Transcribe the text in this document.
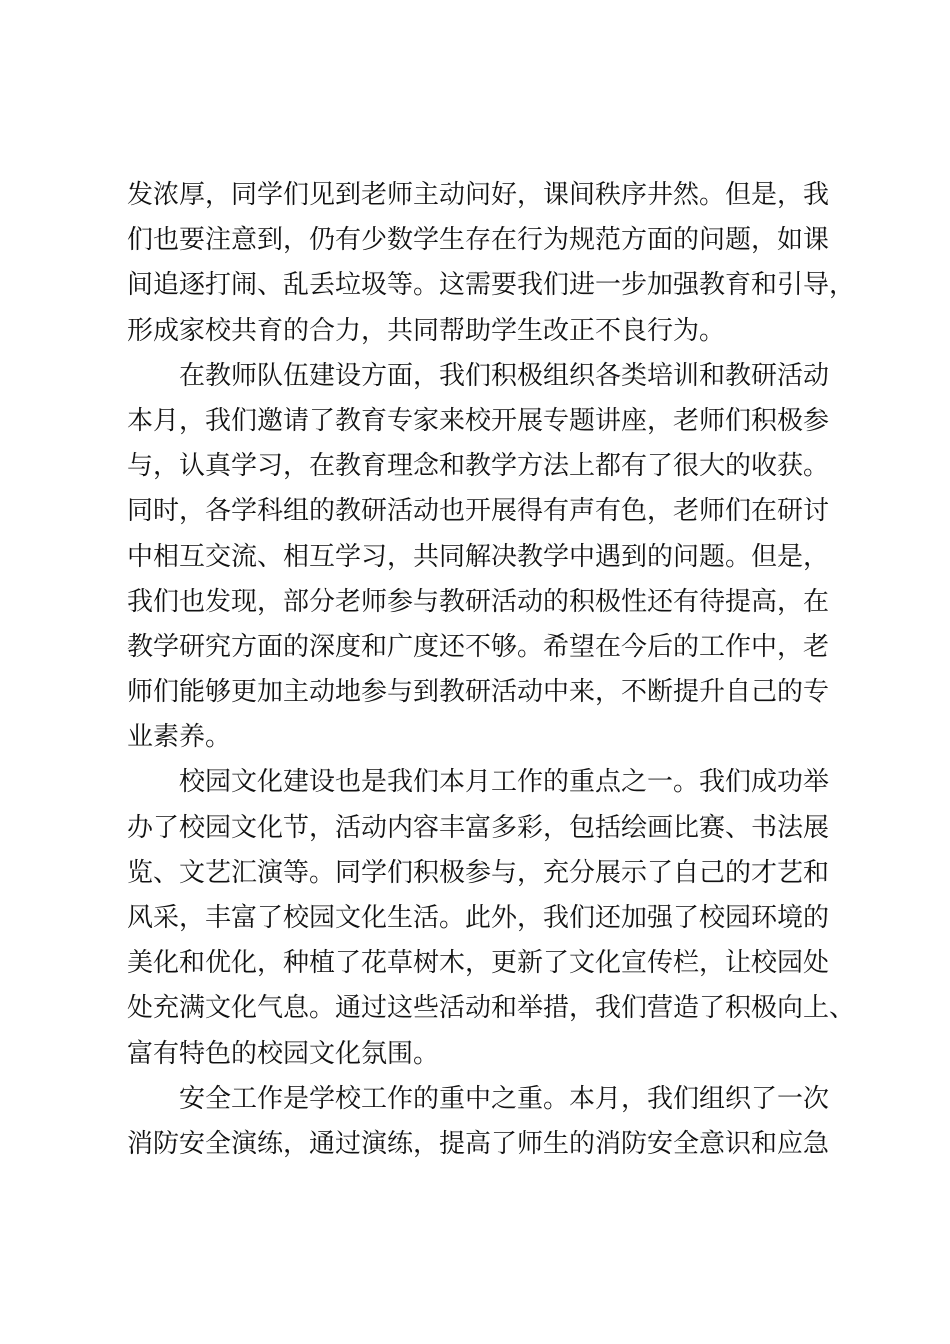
发浓厚，同学们见到老师主动问好，课间秩序井然。但是，我
们也要注意到，仍有少数学生存在行为规范方面的问题，如课
间追逐打闹、乱丢垃圾等。这需要我们进一步加强教育和引导，
形成家校共育的合力，共同帮助学生改正不良行为。
在教师队伍建设方面，我们积极组织各类培训和教研活动
本月，我们邀请了教育专家来校开展专题讲座，老师们积极参
与，认真学习，在教育理念和教学方法上都有了很大的收获。
同时，各学科组的教研活动也开展得有声有色，老师们在研讨
中相互交流、相互学习，共同解决教学中遇到的问题。但是，
我们也发现，部分老师参与教研活动的积极性还有待提高，在
教学研究方面的深度和广度还不够。希望在今后的工作中，老
师们能够更加主动地参与到教研活动中来，不断提升自己的专
业素养。
校园文化建设也是我们本月工作的重点之一。我们成功举
办了校园文化节，活动内容丰富多彩，包括绘画比赛、书法展
览、文艺汇演等。同学们积极参与，充分展示了自己的才艺和
风采，丰富了校园文化生活。此外，我们还加强了校园环境的
美化和优化，种植了花草树木，更新了文化宣传栏，让校园处
处充满文化气息。通过这些活动和举措，我们营造了积极向上、
富有特色的校园文化氛围。
安全工作是学校工作的重中之重。本月，我们组织了一次
消防安全演练，通过演练，提高了师生的消防安全意识和应急
